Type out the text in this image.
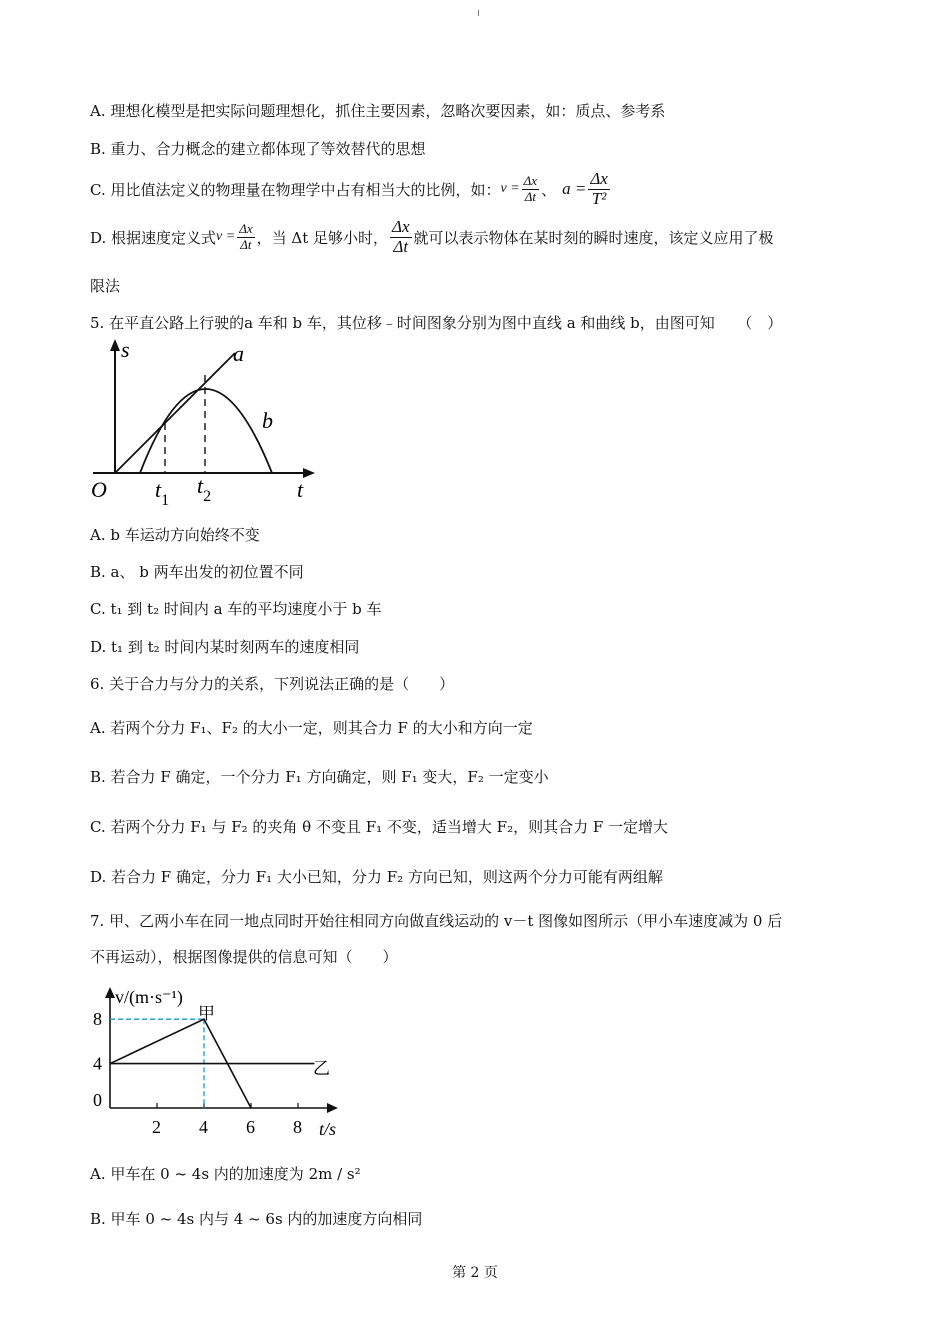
A. 理想化模型是把实际问题理想化，抓住主要因素，忽略次要因素，如：质点、参考系
B. 重力、合力概念的建立都体现了等效替代的思想
C. 用比值法定义的物理量在物理学中占有相当大的比例，如： $v = \frac{\Delta x}{\Delta t}$ 、 $a = \frac{\Delta x}{\text{T²}}$
D. 根据速度定义式 $v = \frac{\Delta x}{\Delta t}$ ，当 Δt 足够小时， $\frac{\Delta x}{\Delta t}$ 就可以表示物体在某时刻的瞬时速度，该定义应用了极
限法
5. 在平直公路上行驶的a 车和 b 车，其位移﹣时间图象分别为图中直线 a 和曲线 b，由图可知　　（　）
s	a
b
O $t_1$
$t_2$	t
A. b 车运动方向始终不变
B. a、 b 两车出发的初位置不同
C. t₁ 到 t₂ 时间内 a 车的平均速度小于 b 车
D. t₁ 到 t₂ 时间内某时刻两车的速度相同
6. 关于合力与分力的关系，下列说法正确的是（　　）
A. 若两个分力 F₁、F₂ 的大小一定，则其合力 F 的大小和方向一定
B. 若合力 F 确定，一个分力 F₁ 方向确定，则 F₁ 变大，F₂ 一定变小
C. 若两个分力 F₁ 与 F₂ 的夹角 θ 不变且 F₁ 不变，适当增大 F₂，则其合力 F 一定增大
D. 若合力 F 确定，分力 F₁ 大小已知，分力 F₂ 方向已知，则这两个分力可能有两组解
7. 甲、乙两小车在同一地点同时开始往相同方向做直线运动的 v－t 图像如图所示（甲小车速度减为 0 后
不再运动），根据图像提供的信息可知（　　）
2 4 6 8
8
4
0
v/(m·s⁻¹)
t/s
甲
乙
A. 甲车在 0 ~ 4s 内的加速度为 2m / s²
B. 甲车 0 ~ 4s 内与 4 ~ 6s 内的加速度方向相同
第 2 页
